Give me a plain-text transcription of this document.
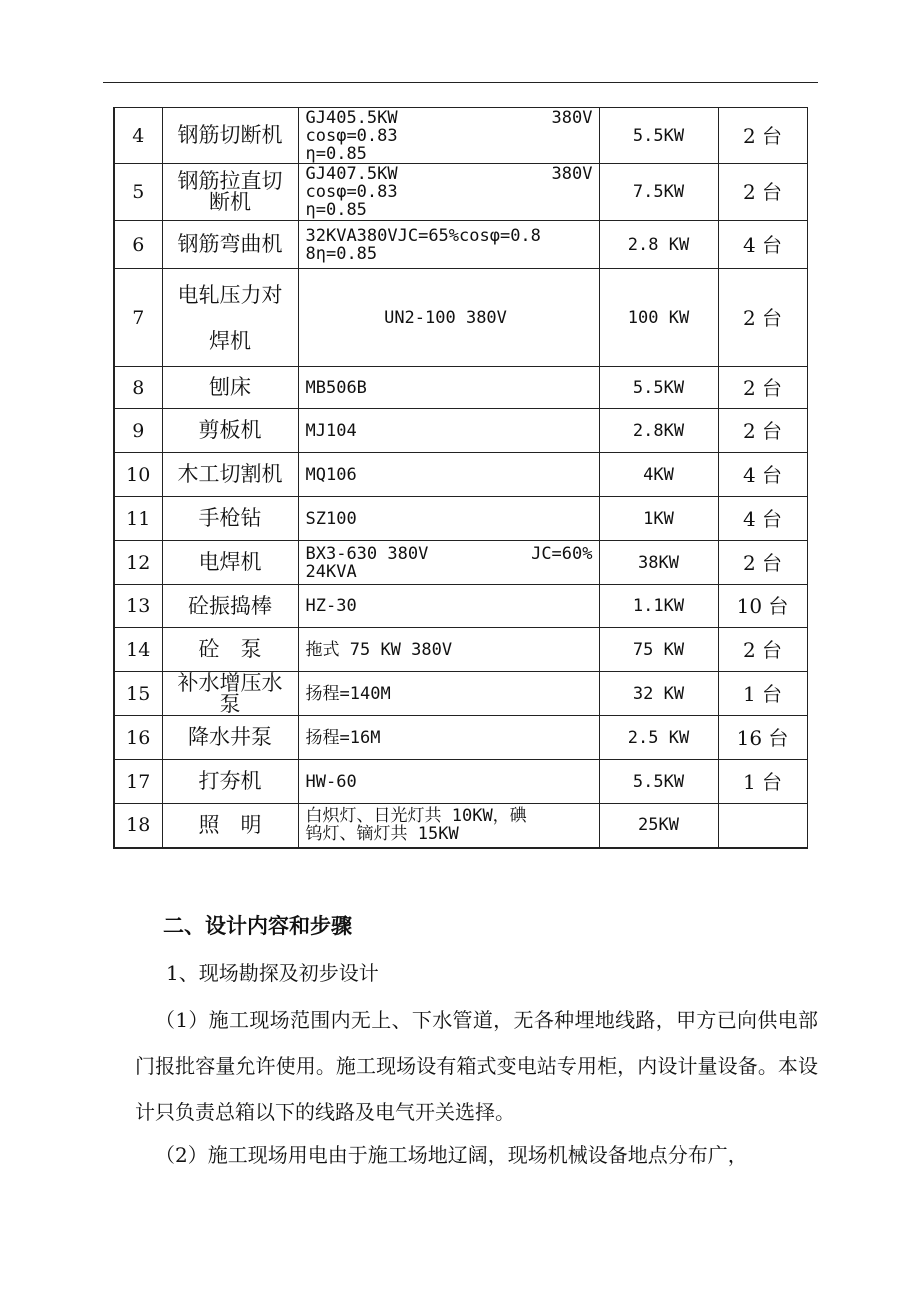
4	钢筋切断机	GJ405.5KW 380V
cosφ=0.83
η=0.85	5.5KW	2 台
5	钢筋拉直切
断机	GJ407.5KW 380V
cosφ=0.83
η=0.85	7.5KW	2 台
6	钢筋弯曲机	32KVA380VJC=65%cosφ=0.8
8η=0.85	2.8 KW	4 台
7	电轧压力对
焊机	UN2-100 380V	100 KW	2 台
8	刨床	MB506B	5.5KW	2 台
9	剪板机	MJ104	2.8KW	2 台
10	木工切割机	MQ106	4KW	4 台
11	手枪钻	SZ100	1KW	4 台
12	电焊机	BX3-630 380V JC=60%
24KVA	38KW	2 台
13	砼振捣棒	HZ-30	1.1KW	10 台
14	砼　泵	拖式 75 KW 380V	75 KW	2 台
15	补水增压水
泵	扬程=140M	32 KW	1 台
16	降水井泵	扬程=16M	2.5 KW	16 台
17	打夯机	HW-60	5.5KW	1 台
18	照　明	白炽灯、日光灯共 10KW，碘
钨灯、镝灯共 15KW	25KW	
二、设计内容和步骤
1、现场勘探及初步设计
（1）施工现场范围内无上、下水管道，无各种埋地线路，甲方已向供电部门报批容量允许使用。施工现场设有箱式变电站专用柜，内设计量设备。本设计只负责总箱以下的线路及电气开关选择。
（2）施工现场用电由于施工场地辽阔，现场机械设备地点分布广，
